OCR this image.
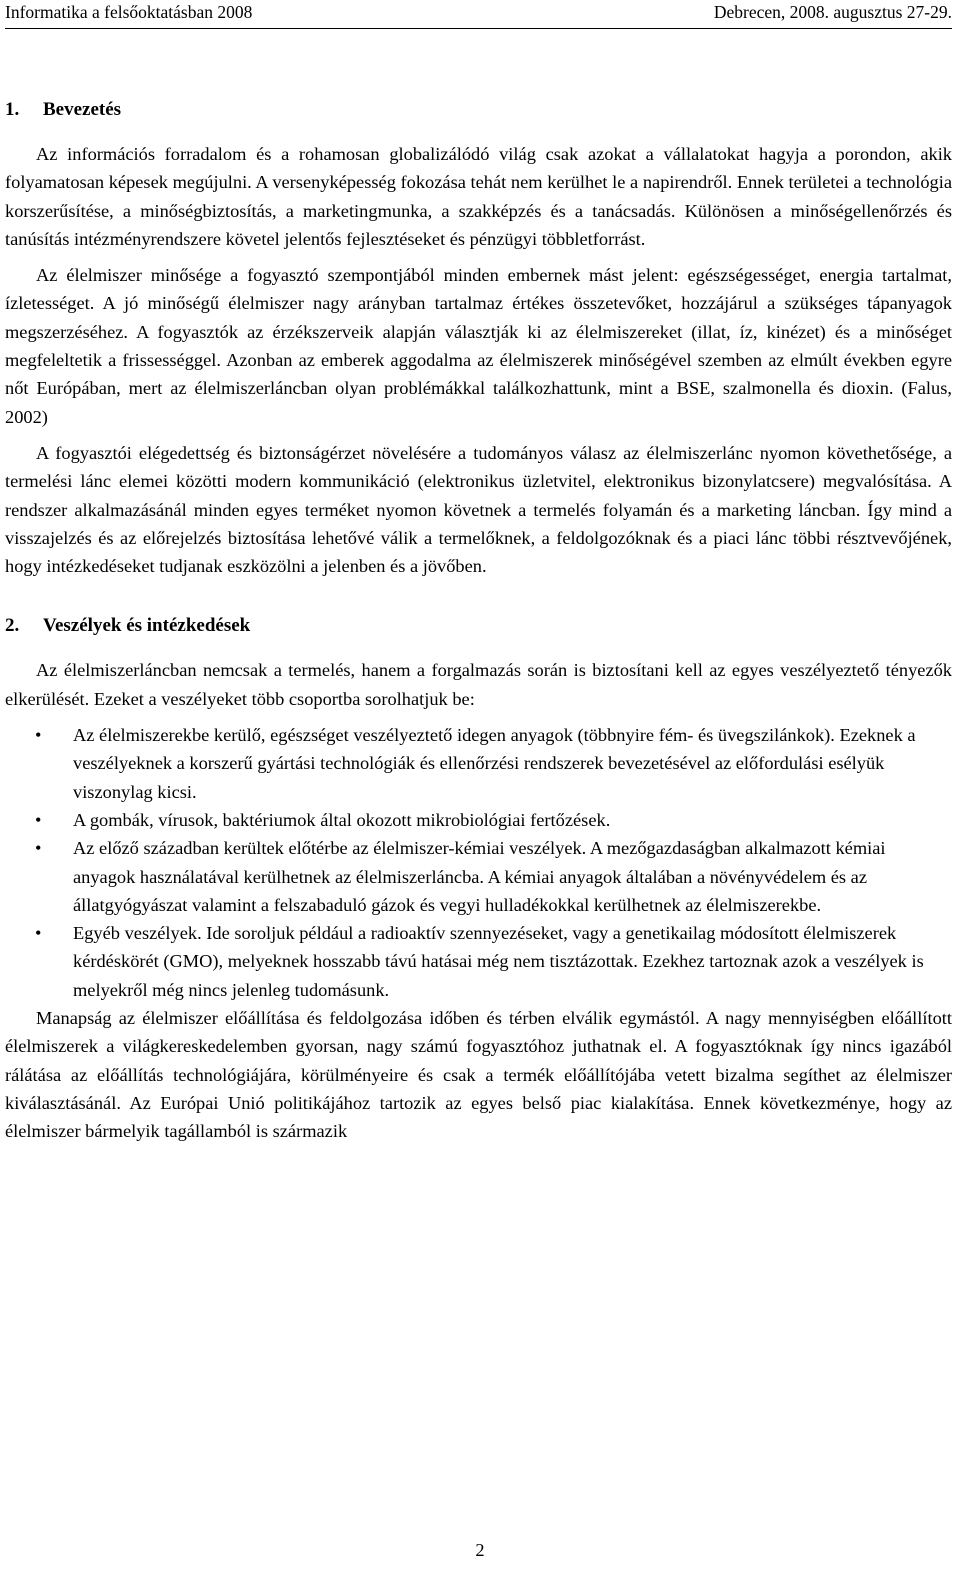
Informatika a felsőoktatásban 2008	Debrecen, 2008. augusztus 27-29.
1. Bevezetés

Az információs forradalom és a rohamosan globalizálódó világ csak azokat a vállalatokat hagyja a porondon, akik folyamatosan képesek megújulni. A versenyképesség fokozása tehát nem kerülhet le a napirendről. Ennek területei a technológia korszerűsítése, a minőségbiztosítás, a marketingmunka, a szakképzés és a tanácsadás. Különösen a minőségellenőrzés és tanúsítás intézményrendszere követel jelentős fejlesztéseket és pénzügyi többletforrást.

Az élelmiszer minősége a fogyasztó szempontjából minden embernek mást jelent: egészségességet, energia tartalmat, ízletességet. A jó minőségű élelmiszer nagy arányban tartalmaz értékes összetevőket, hozzájárul a szükséges tápanyagok megszerzéséhez. A fogyasztók az érzékszerveik alapján választják ki az élelmiszereket (illat, íz, kinézet) és a minőséget megfeleltetik a frissességgel. Azonban az emberek aggodalma az élelmiszerek minőségével szemben az elmúlt években egyre nőt Európában, mert az élelmiszerláncban olyan problémákkal találkozhattunk, mint a BSE, szalmonella és dioxin. (Falus, 2002)

A fogyasztói elégedettség és biztonságérzet növelésére a tudományos válasz az élelmiszerlánc nyomon követhetősége, a termelési lánc elemei közötti modern kommunikáció (elektronikus üzletvitel, elektronikus bizonylatcsere) megvalósítása. A rendszer alkalmazásánál minden egyes terméket nyomon követnek a termelés folyamán és a marketing láncban. Így mind a visszajelzés és az előrejelzés biztosítása lehetővé válik a termelőknek, a feldolgozóknak és a piaci lánc többi résztvevőjének, hogy intézkedéseket tudjanak eszközölni a jelenben és a jövőben.

2. Veszélyek és intézkedések

Az élelmiszerláncban nemcsak a termelés, hanem a forgalmazás során is biztosítani kell az egyes veszélyeztető tényezők elkerülését. Ezeket a veszélyeket több csoportba sorolhatjuk be:

• Az élelmiszerekbe kerülő, egészséget veszélyeztető idegen anyagok (többnyire fém- és üvegszilánkok). Ezeknek a veszélyeknek a korszerű gyártási technológiák és ellenőrzési rendszerek bevezetésével az előfordulási esélyük viszonylag kicsi.
• A gombák, vírusok, baktériumok által okozott mikrobiológiai fertőzések.
• Az előző században kerültek előtérbe az élelmiszer-kémiai veszélyek. A mezőgazdaságban alkalmazott kémiai anyagok használatával kerülhetnek az élelmiszerláncba. A kémiai anyagok általában a növényvédelem és az állatgyógyászat valamint a felszabaduló gázok és vegyi hulladékokkal kerülhetnek az élelmiszerekbe.
• Egyéb veszélyek. Ide soroljuk például a radioaktív szennyezéseket, vagy a genetikailag módosított élelmiszerek kérdéskörét (GMO), melyeknek hosszabb távú hatásai még nem tisztázottak. Ezekhez tartoznak azok a veszélyek is melyekről még nincs jelenleg tudomásunk.

Manapság az élelmiszer előállítása és feldolgozása időben és térben elválik egymástól. A nagy mennyiségben előállított élelmiszerek a világkereskedelemben gyorsan, nagy számú fogyasztóhoz juthatnak el. A fogyasztóknak így nincs igazából rálátása az előállítás technológiájára, körülményeire és csak a termék előállítójába vetett bizalma segíthet az élelmiszer kiválasztásánál. Az Európai Unió politikájához tartozik az egyes belső piac kialakítása. Ennek következménye, hogy az élelmiszer bármelyik tagállamból is származik

2
